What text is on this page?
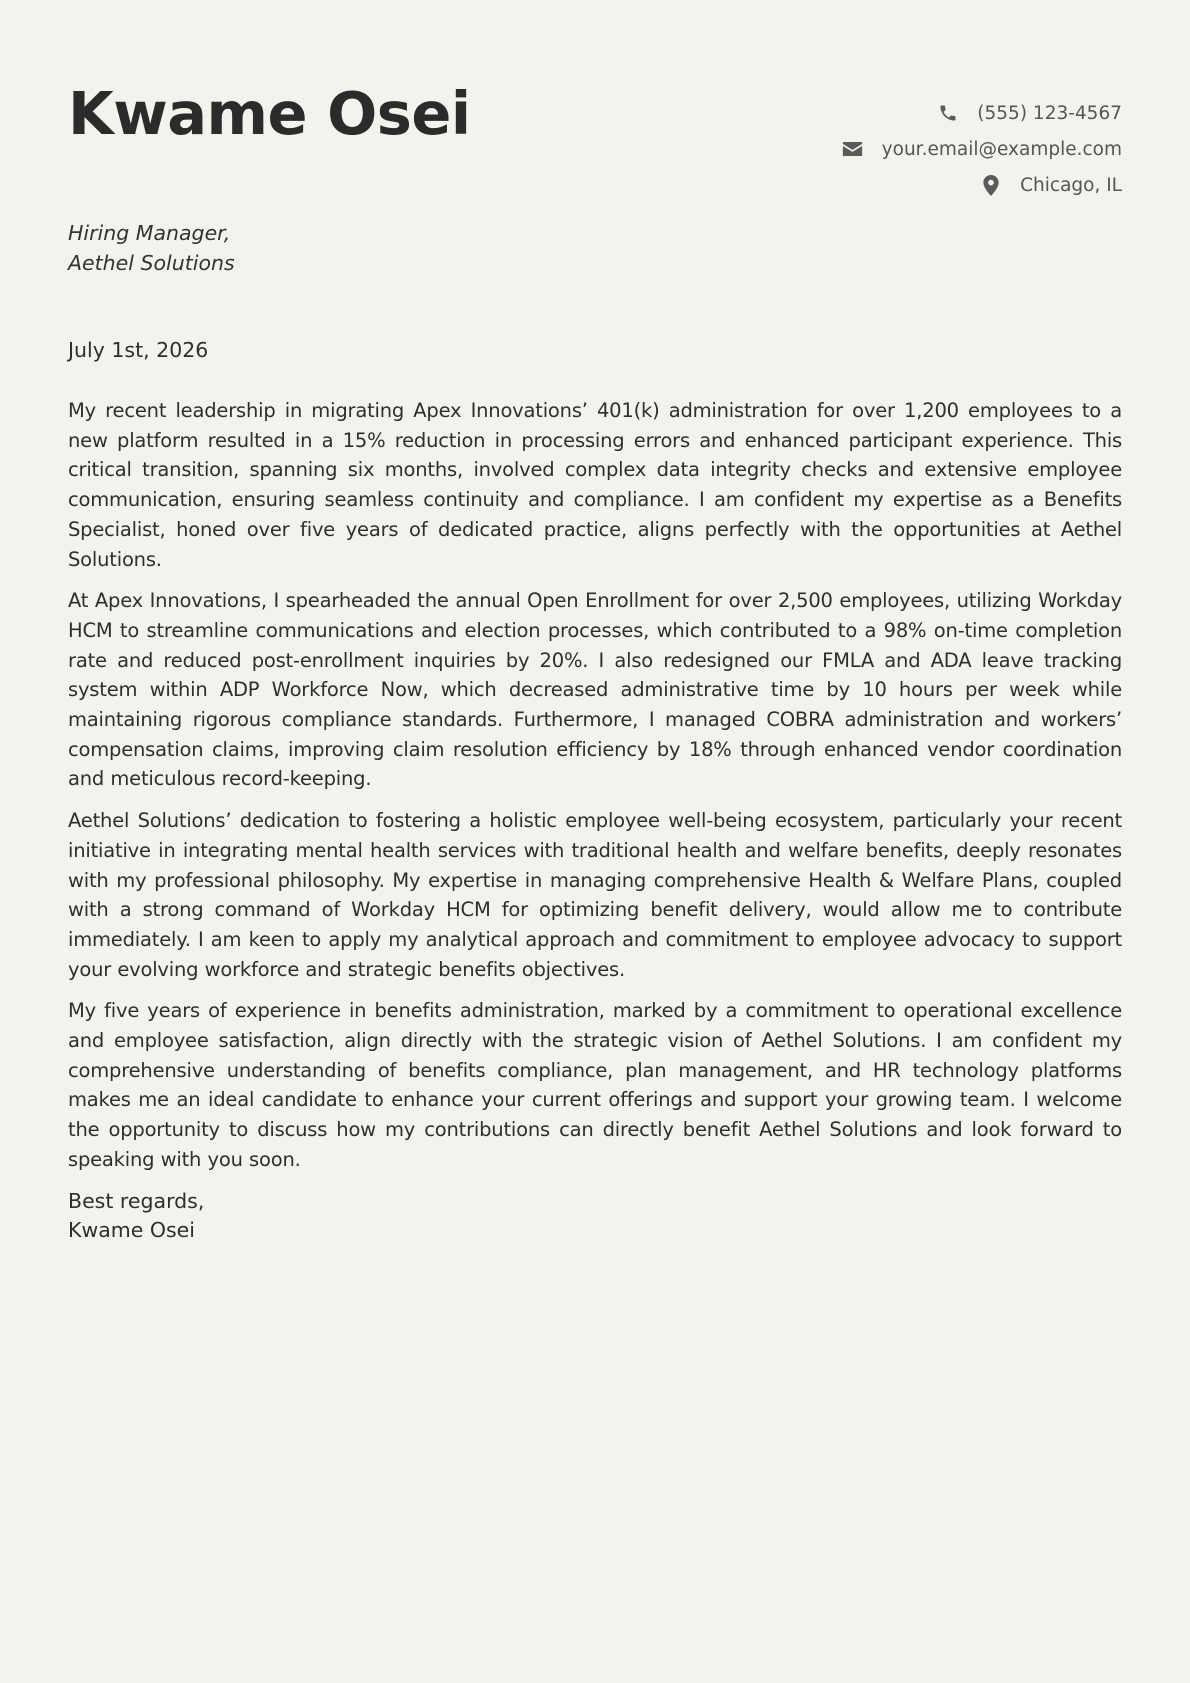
Kwame Osei	(555) 123-4567
your.email@example.com
Chicago, IL
Hiring Manager,
Aethel Solutions
July 1st, 2026

My recent leadership in migrating Apex Innovations’ 401(k) administration for over 1,200 employees to a new platform resulted in a 15% reduction in processing errors and enhanced participant experience. This critical transition, spanning six months, involved complex data integrity checks and extensive employee communication, ensuring seamless continuity and compliance. I am confident my expertise as a Benefits Specialist, honed over five years of dedicated practice, aligns perfectly with the opportunities at Aethel Solutions.

At Apex Innovations, I spearheaded the annual Open Enrollment for over 2,500 employees, utilizing Workday HCM to streamline communications and election processes, which contributed to a 98% on-time completion rate and reduced post-enrollment inquiries by 20%. I also redesigned our FMLA and ADA leave tracking system within ADP Workforce Now, which decreased administrative time by 10 hours per week while maintaining rigorous compliance standards. Furthermore, I managed COBRA administration and workers’ compensation claims, improving claim resolution efficiency by 18% through enhanced vendor coordination and meticulous record-keeping.

Aethel Solutions’ dedication to fostering a holistic employee well-being ecosystem, particularly your recent initiative in integrating mental health services with traditional health and welfare benefits, deeply resonates with my professional philosophy. My expertise in managing comprehensive Health & Welfare Plans, coupled with a strong command of Workday HCM for optimizing benefit delivery, would allow me to contribute immediately. I am keen to apply my analytical approach and commitment to employee advocacy to support your evolving workforce and strategic benefits objectives.

My five years of experience in benefits administration, marked by a commitment to operational excellence and employee satisfaction, align directly with the strategic vision of Aethel Solutions. I am confident my comprehensive understanding of benefits compliance, plan management, and HR technology platforms makes me an ideal candidate to enhance your current offerings and support your growing team. I welcome the opportunity to discuss how my contributions can directly benefit Aethel Solutions and look forward to speaking with you soon.

Best regards,
Kwame Osei
